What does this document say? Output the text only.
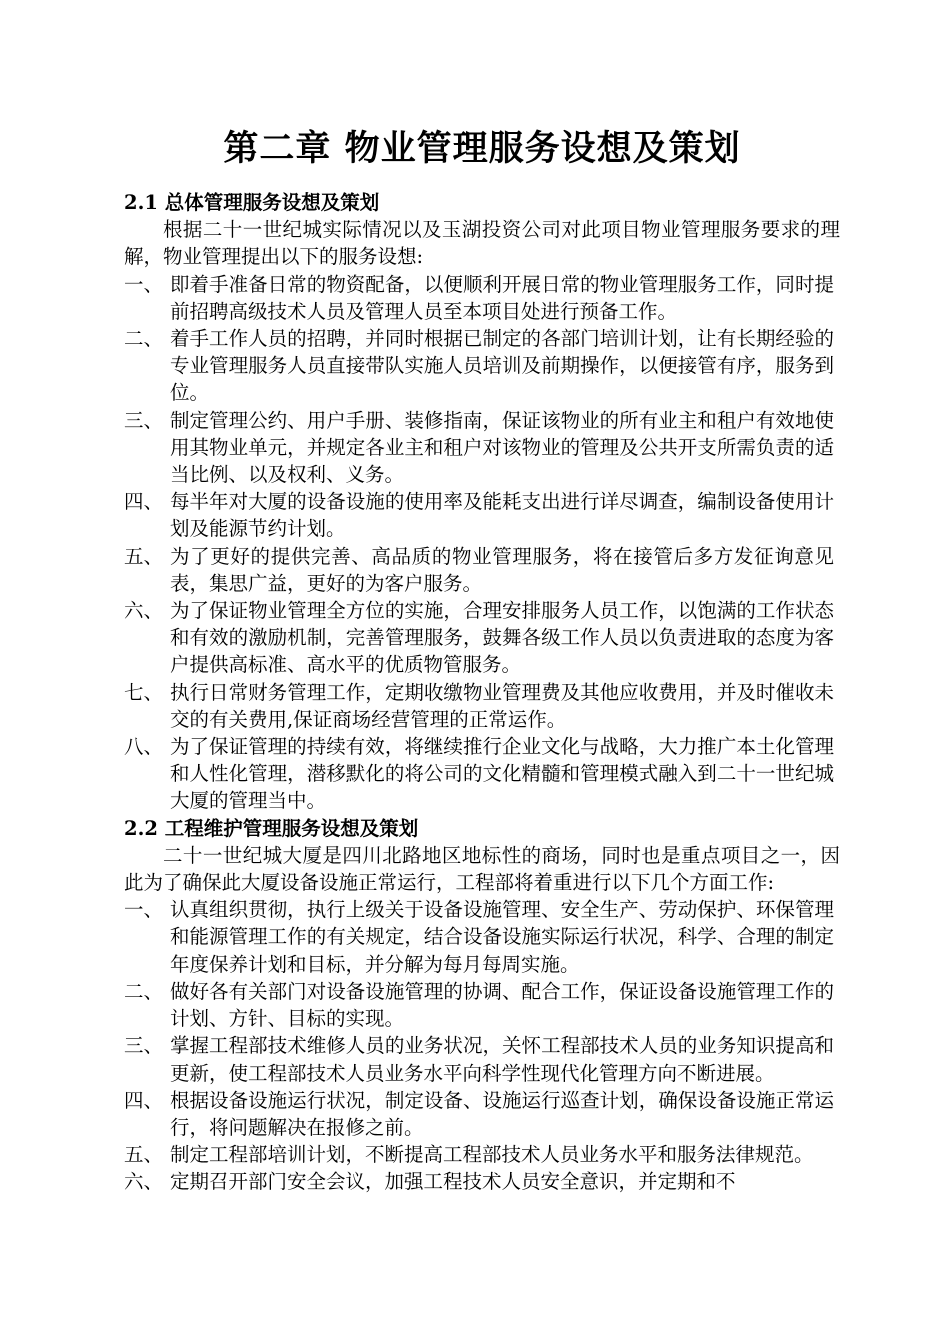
第二章 物业管理服务设想及策划
2.1 总体管理服务设想及策划

根据二十一世纪城实际情况以及玉湖投资公司对此项目物业管理服务要求的理解，物业管理提出以下的服务设想:

一、 即着手准备日常的物资配备，以便顺利开展日常的物业管理服务工作，同时提前招聘高级技术人员及管理人员至本项目处进行预备工作。
二、 着手工作人员的招聘，并同时根据已制定的各部门培训计划，让有长期经验的专业管理服务人员直接带队实施人员培训及前期操作，以便接管有序，服务到位。
三、 制定管理公约、用户手册、装修指南，保证该物业的所有业主和租户有效地使用其物业单元，并规定各业主和租户对该物业的管理及公共开支所需负责的适当比例、以及权利、义务。
四、 每半年对大厦的设备设施的使用率及能耗支出进行详尽调查，编制设备使用计划及能源节约计划。
五、 为了更好的提供完善、高品质的物业管理服务，将在接管后多方发征询意见表，集思广益，更好的为客户服务。
六、 为了保证物业管理全方位的实施，合理安排服务人员工作，以饱满的工作状态和有效的激励机制，完善管理服务，鼓舞各级工作人员以负责进取的态度为客户提供高标准、高水平的优质物管服务。
七、 执行日常财务管理工作，定期收缴物业管理费及其他应收费用，并及时催收未交的有关费用,保证商场经营管理的正常运作。
八、 为了保证管理的持续有效，将继续推行企业文化与战略，大力推广本土化管理和人性化管理，潜移默化的将公司的文化精髓和管理模式融入到二十一世纪城大厦的管理当中。
2.2 工程维护管理服务设想及策划

二十一世纪城大厦是四川北路地区地标性的商场，同时也是重点项目之一，因此为了确保此大厦设备设施正常运行，工程部将着重进行以下几个方面工作:

一、 认真组织贯彻，执行上级关于设备设施管理、安全生产、劳动保护、环保管理和能源管理工作的有关规定，结合设备设施实际运行状况，科学、合理的制定年度保养计划和目标，并分解为每月每周实施。
二、 做好各有关部门对设备设施管理的协调、配合工作，保证设备设施管理工作的计划、方针、目标的实现。
三、 掌握工程部技术维修人员的业务状况，关怀工程部技术人员的业务知识提高和更新，使工程部技术人员业务水平向科学性现代化管理方向不断进展。
四、 根据设备设施运行状况，制定设备、设施运行巡查计划，确保设备设施正常运行，将问题解决在报修之前。
五、 制定工程部培训计划，不断提高工程部技术人员业务水平和服务法律规范。
六、 定期召开部门安全会议，加强工程技术人员安全意识，并定期和不
